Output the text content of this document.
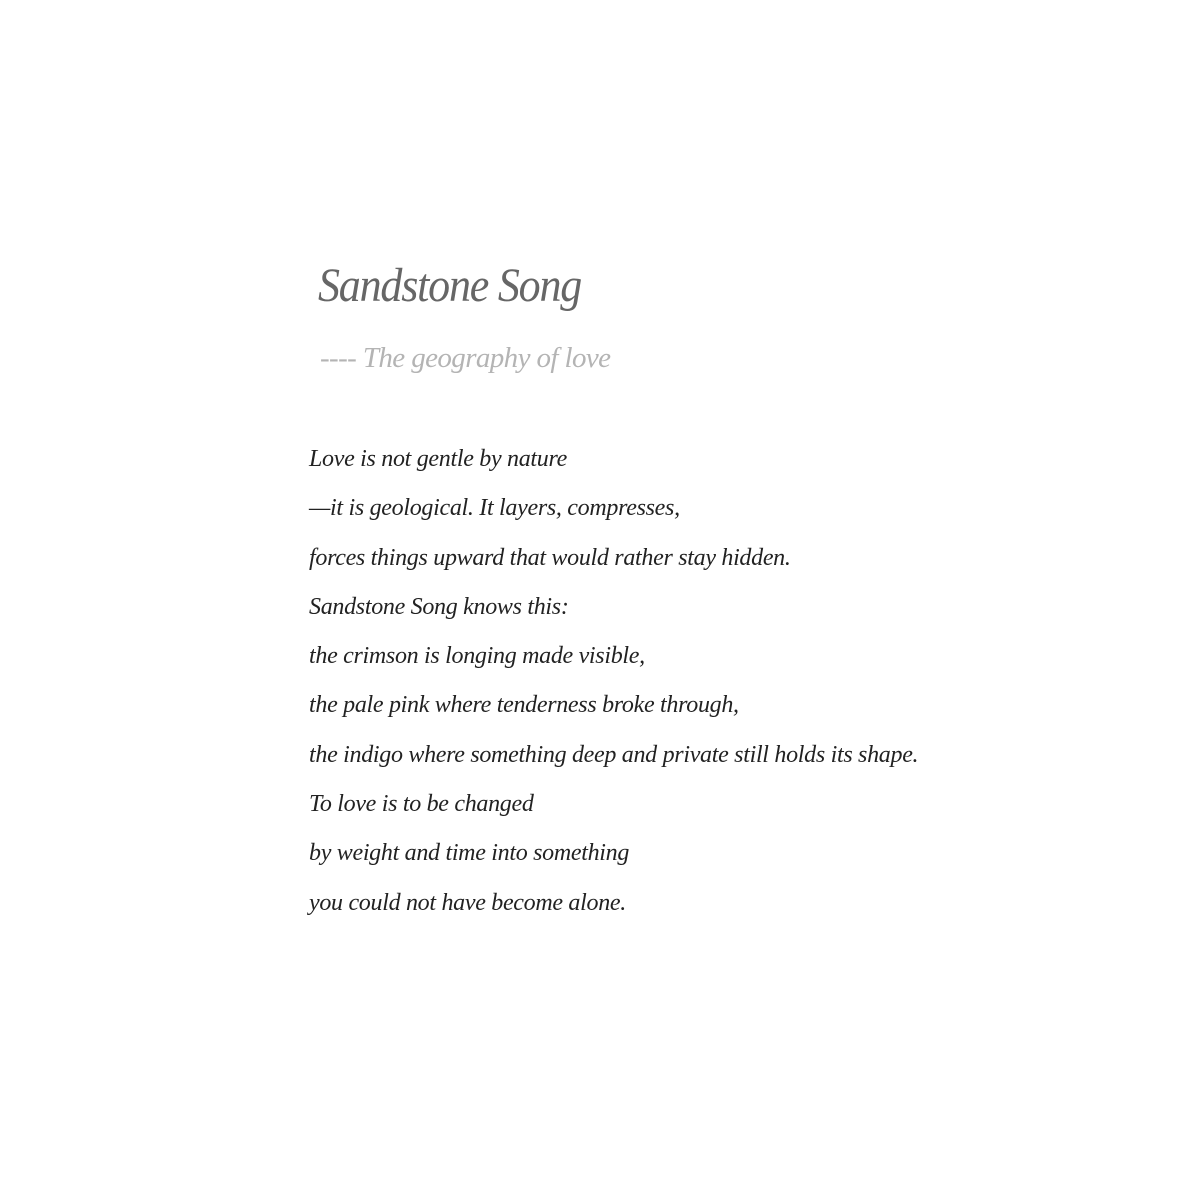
Sandstone Song

---- The geography of love

Love is not gentle by nature
—it is geological. It layers, compresses,
forces things upward that would rather stay hidden.
Sandstone Song knows this:
the crimson is longing made visible,
the pale pink where tenderness broke through,
the indigo where something deep and private still holds its shape.
To love is to be changed
by weight and time into something
you could not have become alone.
